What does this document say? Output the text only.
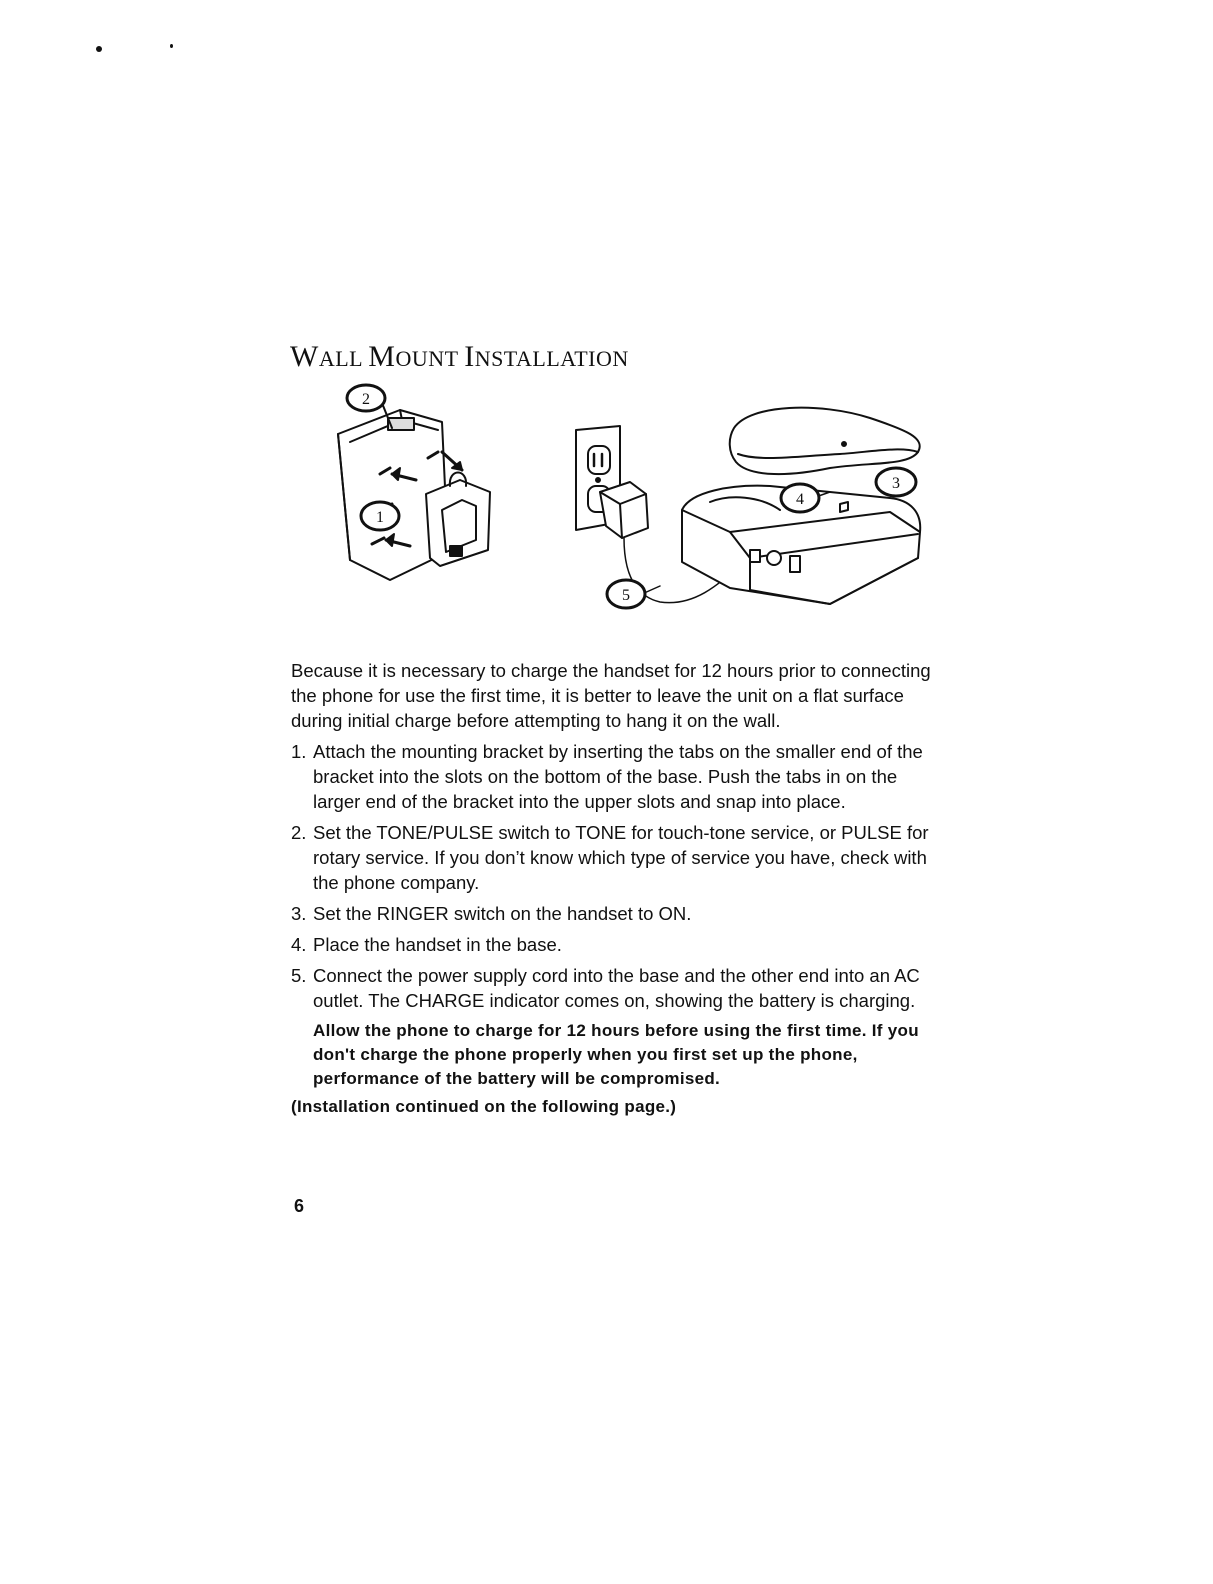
WALL MOUNT INSTALLATION
1
2
3
4
5

Because it is necessary to charge the handset for 12 hours prior to connecting the phone for use the first time, it is better to leave the unit on a flat surface during initial charge before attempting to hang it on the wall.

1. Attach the mounting bracket by inserting the tabs on the smaller end of the bracket into the slots on the bottom of the base. Push the tabs in on the larger end of the bracket into the upper slots and snap into place.
2. Set the TONE/PULSE switch to TONE for touch-tone service, or PULSE for rotary service. If you don’t know which type of service you have, check with the phone company.
3. Set the RINGER switch on the handset to ON.
4. Place the handset in the base.
5. Connect the power supply cord into the base and the other end into an AC outlet. The CHARGE indicator comes on, showing the battery is charging.

Allow the phone to charge for 12 hours before using the first time. If you don't charge the phone properly when you first set up the phone, performance of the battery will be compromised.

(Installation continued on the following page.)

6
